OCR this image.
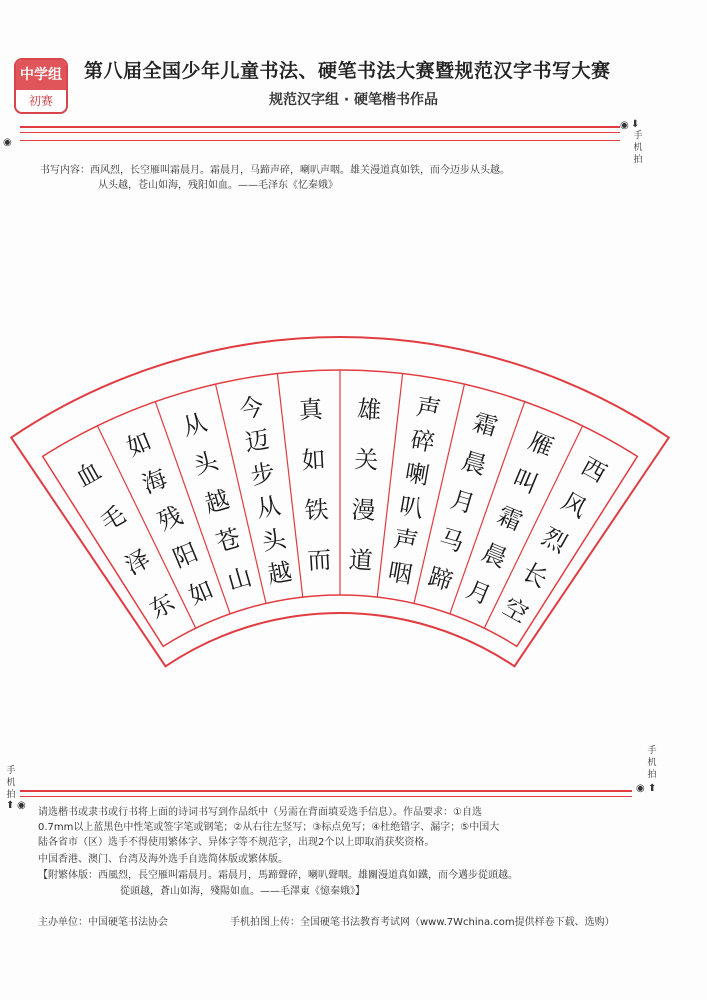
中学组
初赛
第八届全国少年儿童书法、硬笔书法大赛暨规范汉字书写大赛
规范汉字组 · 硬笔楷书作品
◉
◉ ⬇
手机拍
书写内容：西风烈，长空雁叫霜晨月。霜晨月，马蹄声碎，喇叭声咽。雄关漫道真如铁，而今迈步从头越。
从头越，苍山如海，残阳如血。——毛泽东《忆秦娥》
西
风
烈
长
空
雁
叫
霜
晨
月
霜
晨
月
马
蹄
声
碎
喇
叭
声
咽
雄
关
漫
道
真
如
铁
而
今
迈
步
从
头
越
从
头
越
苍
山
如
海
残
阳
如
血
毛
泽
东
手机拍
◉ ⬆
手机拍
⬆ ◉
请选楷书或隶书或行书将上面的诗词书写到作品纸中（另需在背面填妥选手信息）。作品要求：①自选
0.7mm以上蓝黑色中性笔或签字笔或钢笔；②从右往左竖写；③标点免写；④杜绝错字、漏字；⑤中国大
陆各省市（区）选手不得使用繁体字、异体字等不规范字，出现2个以上即取消获奖资格。
中国香港、澳门、台湾及海外选手自选简体版或繁体版。
【附繁体版：西風烈，長空雁叫霜晨月。霜晨月，馬蹄聲碎，喇叭聲咽。雄關漫道真如鐵，而今邁步從頭越。
從頭越，蒼山如海，殘陽如血。——毛澤東《憶秦娥》】
主办单位：中国硬笔书法协会	手机拍图上传：全国硬笔书法教育考试网（www.7Wchina.com提供样卷下载、选购）
